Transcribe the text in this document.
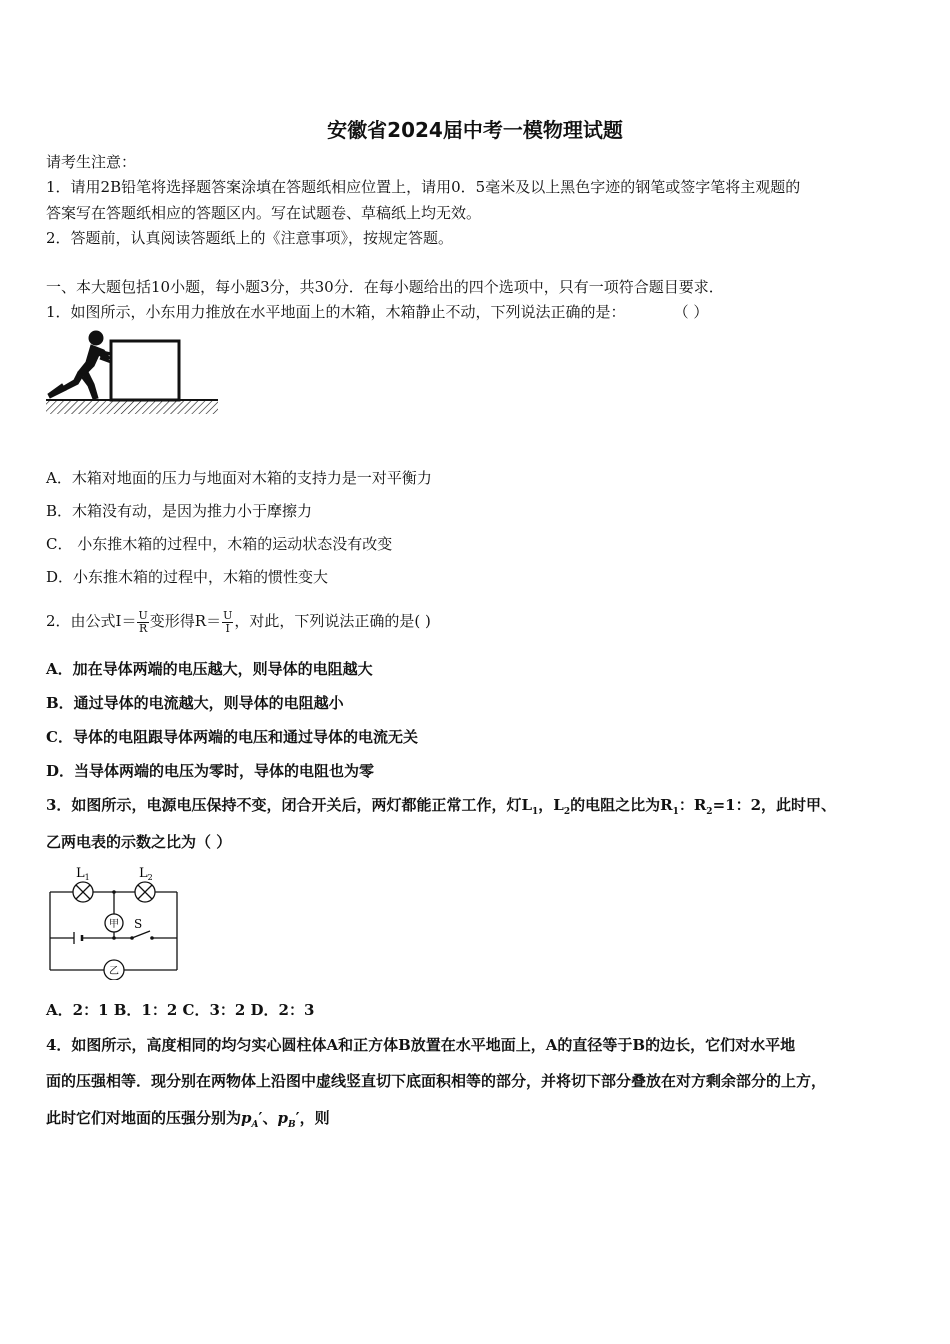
安徽省2024届中考一模物理试题
请考生注意：
1．请用2B铅笔将选择题答案涂填在答题纸相应位置上，请用0．5毫米及以上黑色字迹的钢笔或签字笔将主观题的
答案写在答题纸相应的答题区内。写在试题卷、草稿纸上均无效。
2．答题前，认真阅读答题纸上的《注意事项》，按规定答题。
一、本大题包括10小题，每小题3分，共30分．在每小题给出的四个选项中，只有一项符合题目要求．
1．如图所示，小东用力推放在水平地面上的木箱，木箱静止不动，下列说法正确的是：	（ ）
A．木箱对地面的压力与地面对木箱的支持力是一对平衡力
B．木箱没有动，是因为推力小于摩擦力
C． 小东推木箱的过程中，木箱的运动状态没有改变
D．小东推木箱的过程中，木箱的惯性变大
2．由公式$I= \frac{U}{R}$ 变形得$R= \frac{U}{I}$ ，对此，下列说法正确的是( )
A．加在导体两端的电压越大，则导体的电阻越大
B．通过导体的电流越大，则导体的电阻越小
C．导体的电阻跟导体两端的电压和通过导体的电流无关
D．当导体两端的电压为零时，导体的电阻也为零
3．如图所示，电源电压保持不变，闭合开关后，两灯都能正常工作，灯$L_1$，$L_2$的电阻之比为$R_1$：$R_2=1$：2，此时甲、
乙两电表的示数之比为（ ）
甲
乙
$L_1$	$L_2$
S
A．2：1 B．1：2 C．3：2 D．2：3
4．如图所示，高度相同的均匀实心圆柱体A和正方体B放置在水平地面上，A的直径等于B的边长，它们对水平地
面的压强相等．现分别在两物体上沿图中虚线竖直切下底面积相等的部分，并将切下部分叠放在对方剩余部分的上方，
此时它们对地面的压强分别为$p_A'$、$p_B'$，则
